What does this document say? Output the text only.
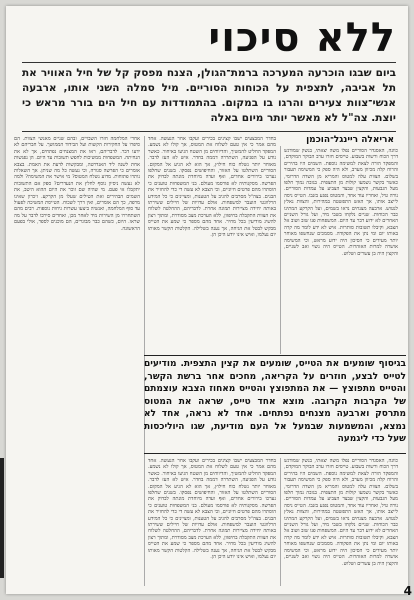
ללא סיכוי
ביום שבגו הוכרעה המערכה ברמת־הגולן, הצנח מפסק קל של חיל האוויר את תל אביבה, לתצפית על הכוחות הסוריים. מיל סמלה השני אותו, ארבעה אנשי־צוות צעירים והרגו בו במקום. בהתמודדות עם חיל הים בורר מראש כי יוצת. צה"ל לא מאשר יותר מיום באלה
אריאלה ריינגל־הוכמן
כוונה, האסגדר הסוריים נפלו משה יצאתי, בנשק שמודגש דרך הכוח ורשות בשבוע. טייסים חזרו ערב הבוקר המוקדם, והמפקד הורה לצאת למשימה נוספת. השמים היו בהירים והרוח קלה מכיוון מערב, ולא היה ספק כי המשימה תעבור בשלום. הצוות עלה למטוס והמריא מן השדה הדרומי, כאשר בקשר נשמעו קולות מן התצפית. בגובה נמוך חלפו מעל הגבעות, והקצין שבצד הצביע על עמדות הסוריים. נורה טיל, ואחריו עוד אחד, והמטוס נפגע בזנבו. הטייס ניסה לייצב אותו, אך האש התפשטה במהירות, והצוות נאלץ לנטוש. ארבעה מצנחים נראו בשמים, ועל הקרקע המתינו כבר הכוחות. שניים נלקחו בשבי מיד, ועל גורל השניים האחרים לא ידוע דבר עד היום. המשפחות פנו שוב ושוב אל הצבא, וקיבלו תשובות סותרות. איש לא ידע לומר מה קרה באותו יום ומי נתן את הפקודה. מסמכים שנחשפו מאוחר יותר מעידים כי הסיכון היה ידוע מראש, וכי המשימה אושרה למרות האזהרות. הטייס היה נשוי ואב לשניים, והקצין היה בן עשרים ושלוש.
בחדר המבצעים ישבו קצינים בכירים ועקבו אחר הנעשה. אחד מהם אמר כי אין טעם לשלוח את המטוס, אך קולו לא נשמע. המפקד החליט להמשיך, והדיווחים מן השטח הגיעו באיחור. כאשר נודע על הפגיעה, השתררה דממה בחדר. איש לא העז לדבר. מאוחר יותר נשלח כוח חילוץ, אך הוא לא הגיע אל המקום. הסוריים השתלטו על האזור, והחיפושים נפסקו. בשנים שחלפו נערכו בירורים אחדים, ואף ועדה מיוחדת מונתה לבדוק את הפרשה. מסקנותיה לא פורסמו מעולם. בני המשפחות טוענים כי הוסתרו מהם פרטים חיוניים, וכי הצבא לא עשה די כדי להחזיר את הבנים. בצה"ל מסרבים להגיב על הטענות, ומציינים כי כל המידע הרלוונטי הועבר למשפחות. אולם עדויות של חיילים ששירתו באותה יחידה מציירות תמונה אחרת. לדבריהם, ההחלטה לשלוח את הצוות התקבלה בחיפזון, ללא הערכת מצב מסודרת, ומתוך רצון להשיג מודיעין בכל מחיר. אחד מהם מספר כי שמע את הטייס מבקש לבטל את הגיחה, אך נענה בשלילה. הקלטות הקשר מאותו יום נעלמו, ואיש אינו יודע היכן הן.
אחרי המלחמה חזרו השבויים, ובהם שניים מאנשי הצוות. הם סיפרו על החקירות הקשות ועל הבידוד הממושך. על חבריהם לא ידעו דבר. לדבריהם, ראו את המצנחים נפתחים, אך לא את הנחיתה. המשפחות ממשיכות לחפש תשובות עד היום. הן נפגשות אחת לשנה ליד האנדרטה, ומבקשות לדעת את האמת. בצבא אומרים כי הפרשה סגורה, וכי נעשה כל מה שניתן. אך השאלות נותרו פתוחות. מדוע נשלח המטוס? מי אישר את המשימה? ולמה לא נעשה ניסיון נוסף לחלץ את הנעדרים? ספק אם התשובות יתקבלו אי פעם. מי שהיה שם זוכר את היום ההוא היטב, את השמים הבהירים ואת הטילים שעלו מן הקרקע. זיכרון שאינו מרפה, כך הם אומרים, ואין דרך לשכוח. הטייסת המשיכה לפעול עד סוף המלחמה, ואנשיה ביצעו עשרות גיחות נוספות. רבים מהם השתחררו מן השירות מיד לאחר מכן, ואחדים סירבו לדבר על מה שראו. היום, כשהם כבר מבוגרים, הם מוכנים לספר, אולי בפעם הראשונה.
בגיסוף שומעים את הטייס, שומעים את קצין התצפית. מודיעים לטייס לבצע, חוזרים על הקריאה, מחכים אחר ברשת הקשר, והטייס מתפוצץ — את המתפוצץ והטייס מאחוז הצבא עוצמתם של הקרבות הקרובה. מוצא אחד טייס, שראה את המטוס מתרסק וארבעה מצנחים נפתחים. אחד לא נראה, אחד לא נמצא, והמשמעות שבמעל אל העם מודיעת, שגו היוליכסות שעל כדי ליגמעה
כוונה, האסגדר הסוריים נפלו משה יצאתי, בנשק שמודגש דרך הכוח ורשות בשבוע. טייסים חזרו ערב הבוקר המוקדם, והמפקד הורה לצאת למשימה נוספת. השמים היו בהירים והרוח קלה מכיוון מערב, ולא היה ספק כי המשימה תעבור בשלום. הצוות עלה למטוס והמריא מן השדה הדרומי, כאשר בקשר נשמעו קולות מן התצפית. בגובה נמוך חלפו מעל הגבעות, והקצין שבצד הצביע על עמדות הסוריים. נורה טיל, ואחריו עוד אחד, והמטוס נפגע בזנבו. הטייס ניסה לייצב אותו, אך האש התפשטה במהירות, והצוות נאלץ לנטוש. ארבעה מצנחים נראו בשמים, ועל הקרקע המתינו כבר הכוחות. שניים נלקחו בשבי מיד, ועל גורל השניים האחרים לא ידוע דבר עד היום. המשפחות פנו שוב ושוב אל הצבא, וקיבלו תשובות סותרות. איש לא ידע לומר מה קרה באותו יום ומי נתן את הפקודה. מסמכים שנחשפו מאוחר יותר מעידים כי הסיכון היה ידוע מראש, וכי המשימה אושרה למרות האזהרות. הטייס היה נשוי ואב לשניים, והקצין היה בן עשרים ושלוש.
בחדר המבצעים ישבו קצינים בכירים ועקבו אחר הנעשה. אחד מהם אמר כי אין טעם לשלוח את המטוס, אך קולו לא נשמע. המפקד החליט להמשיך, והדיווחים מן השטח הגיעו באיחור. כאשר נודע על הפגיעה, השתררה דממה בחדר. איש לא העז לדבר. מאוחר יותר נשלח כוח חילוץ, אך הוא לא הגיע אל המקום. הסוריים השתלטו על האזור, והחיפושים נפסקו. בשנים שחלפו נערכו בירורים אחדים, ואף ועדה מיוחדת מונתה לבדוק את הפרשה. מסקנותיה לא פורסמו מעולם. בני המשפחות טוענים כי הוסתרו מהם פרטים חיוניים, וכי הצבא לא עשה די כדי להחזיר את הבנים. בצה"ל מסרבים להגיב על הטענות, ומציינים כי כל המידע הרלוונטי הועבר למשפחות. אולם עדויות של חיילים ששירתו באותה יחידה מציירות תמונה אחרת. לדבריהם, ההחלטה לשלוח את הצוות התקבלה בחיפזון, ללא הערכת מצב מסודרת, ומתוך רצון להשיג מודיעין בכל מחיר. אחד מהם מספר כי שמע את הטייס מבקש לבטל את הגיחה, אך נענה בשלילה. הקלטות הקשר מאותו יום נעלמו, ואיש אינו יודע היכן הן.
4
